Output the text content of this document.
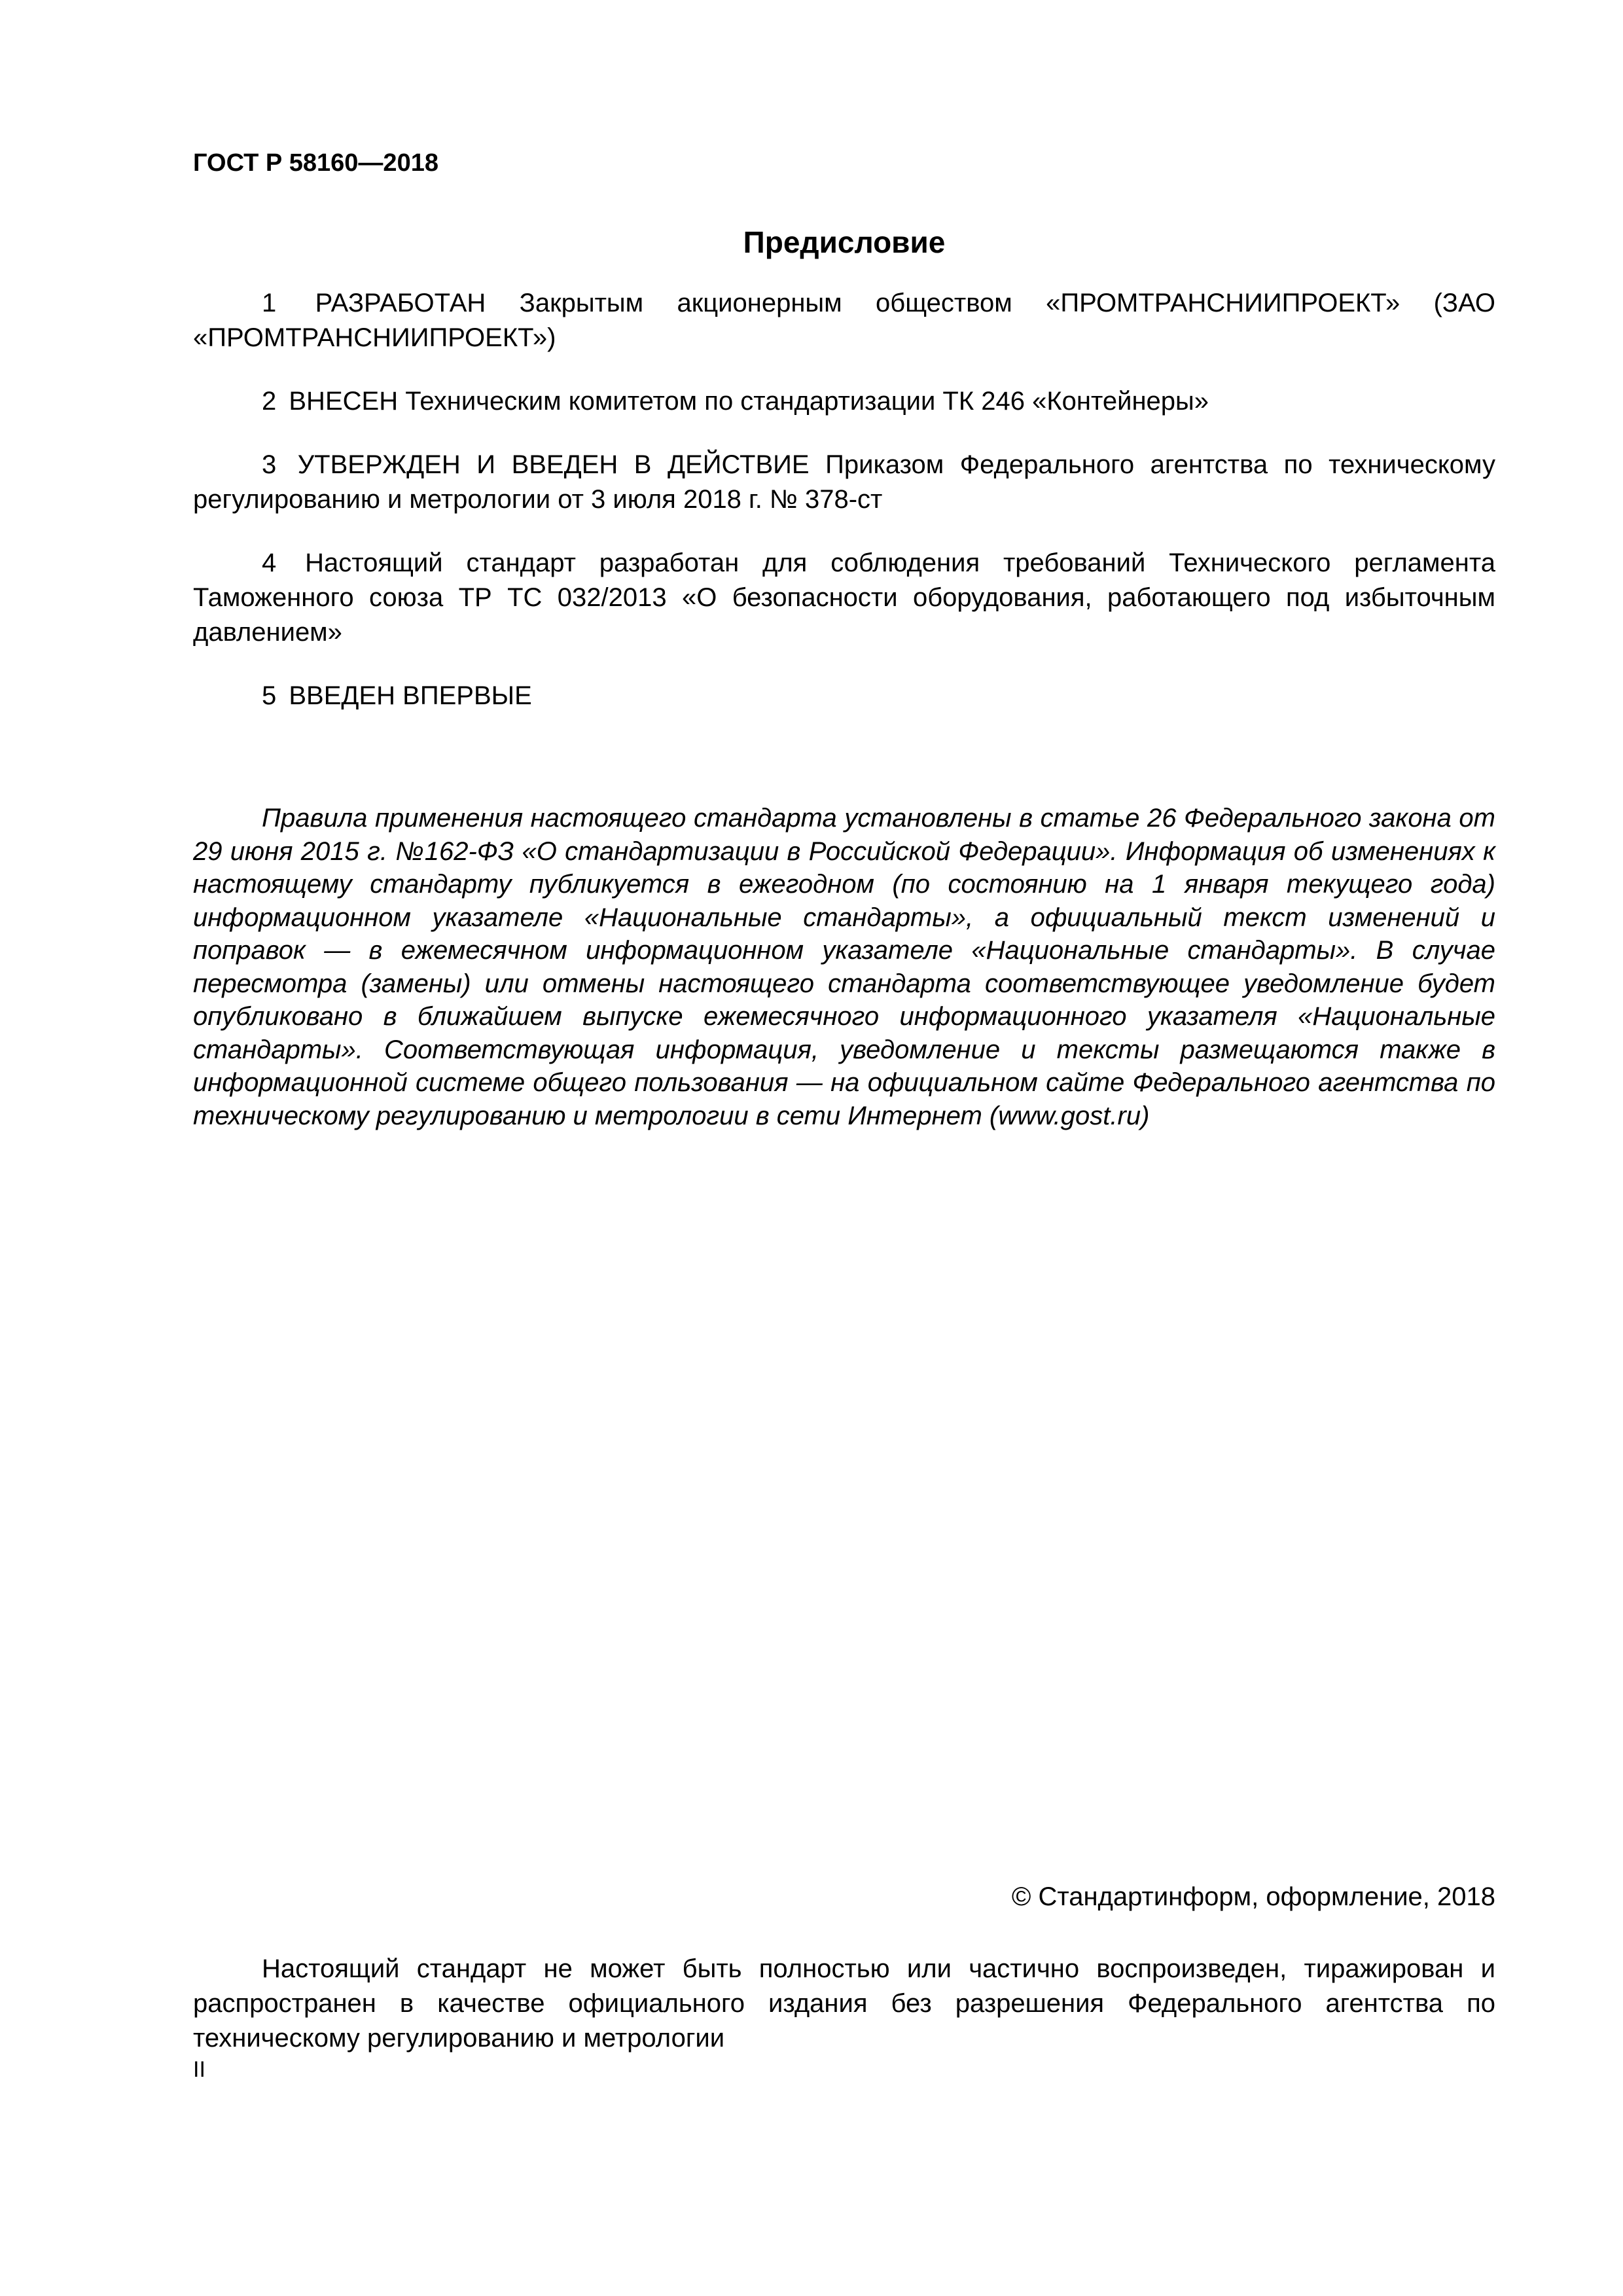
ГОСТ Р 58160—2018
Предисловие

1 РАЗРАБОТАН Закрытым акционерным обществом «ПРОМТРАНСНИИПРОЕКТ» (ЗАО «ПРОМТРАНСНИИПРОЕКТ»)

2 ВНЕСЕН Техническим комитетом по стандартизации ТК 246 «Контейнеры»

3 УТВЕРЖДЕН И ВВЕДЕН В ДЕЙСТВИЕ Приказом Федерального агентства по техническому регулированию и метрологии от 3 июля 2018 г. № 378-ст

4 Настоящий стандарт разработан для соблюдения требований Технического регламента Таможенного союза ТР ТС 032/2013 «О безопасности оборудования, работающего под избыточным давлением»

5 ВВЕДЕН ВПЕРВЫЕ

Правила применения настоящего стандарта установлены в статье 26 Федерального закона от 29 июня 2015 г. №162-ФЗ «О стандартизации в Российской Федерации». Информация об изменениях к настоящему стандарту публикуется в ежегодном (по состоянию на 1 января текущего года) информационном указателе «Национальные стандарты», а официальный текст изменений и поправок — в ежемесячном информационном указателе «Национальные стандарты». В случае пересмотра (замены) или отмены настоящего стандарта соответствующее уведомление будет опубликовано в ближайшем выпуске ежемесячного информационного указателя «Национальные стандарты». Соответствующая информация, уведомление и тексты размещаются также в информационной системе общего пользования — на официальном сайте Федерального агентства по техническому регулированию и метрологии в сети Интернет (www.gost.ru)

© Стандартинформ, оформление, 2018

Настоящий стандарт не может быть полностью или частично воспроизведен, тиражирован и распространен в качестве официального издания без разрешения Федерального агентства по техническому регулированию и метрологии

II
